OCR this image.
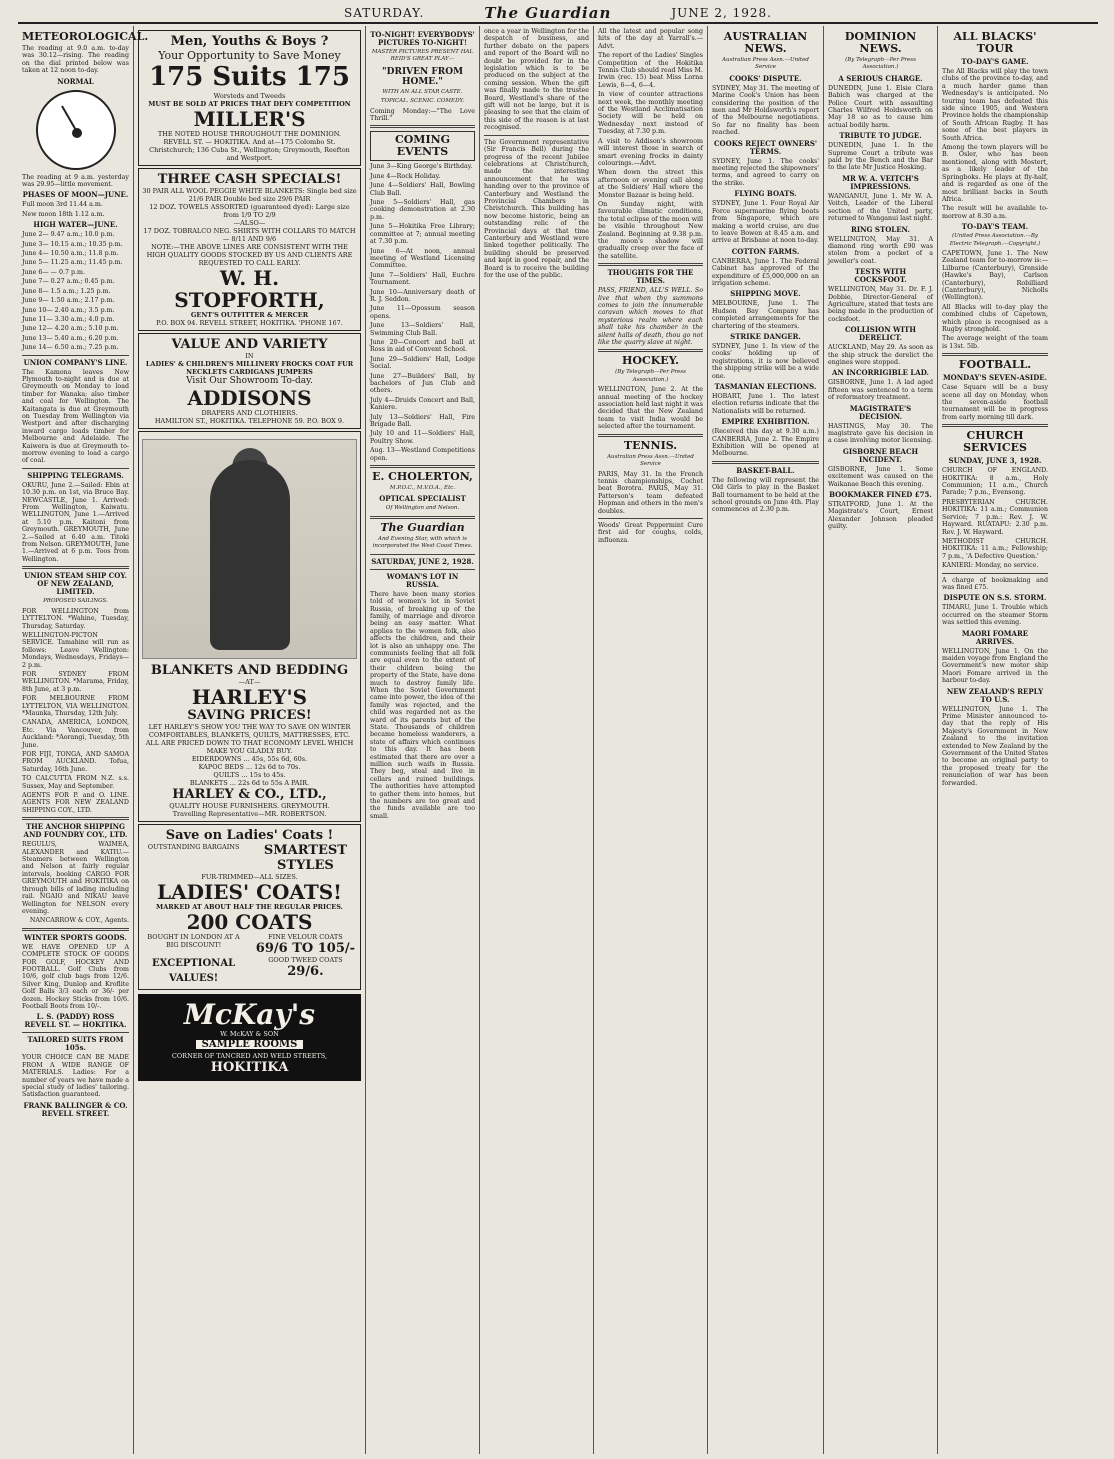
SATURDAY.	The Guardian	JUNE 2, 1928.
METEOROLOGICAL.

The reading at 9.0 a.m. to-day was 30.12—rising. The reading on the dial printed below was taken at 12 noon to-day.

NORMAL

The reading at 9 a.m. yesterday was 29.95—little movement.

PHASES OF MOON—JUNE.

Full moon 3rd 11.44 a.m.

New moon 18th 1.12 a.m.

HIGH WATER—JUNE.

June 2— 9.47 a.m.; 10.0 p.m.

June 3— 10.15 a.m.; 10.35 p.m.

June 4— 10.50 a.m.; 11.8 p.m.

June 5— 11.25 a.m.; 11.45 p.m.

June 6— — 0.7 p.m.

June 7— 0.27 a.m.; 0.45 p.m.

June 8— 1.5 a.m.; 1.25 p.m.

June 9— 1.50 a.m.; 2.17 p.m.

June 10— 2.40 a.m.; 3.5 p.m.

June 11— 3.30 a.m.; 4.0 p.m.

June 12— 4.20 a.m.; 5.10 p.m.

June 13— 5.40 a.m.; 6.20 p.m.

June 14— 6.50 a.m.; 7.25 p.m.

UNION COMPANY'S LINE.

The Kamona leaves New Plymouth to-night and is due at Greymouth on Monday to load timber for Wanaka; also timber and coal for Wellington. The Kaitangata is due at Greymouth on Tuesday from Wellington via Westport and after discharging inward cargo loads timber for Melbourne and Adelaide. The Kaiwera is due at Greymouth to-morrow evening to load a cargo of coal.

SHIPPING TELEGRAMS.

OKURU, June 2.—Sailed: Ebin at 10.30 p.m. on 1st, via Bruce Bay. NEWCASTLE, June 1. Arrived: From Wellington, Kaiwatu. WELLINGTON, June 1.—Arrived at 5.10 p.m. Kaitoni from Greymouth. GREYMOUTH, June 2.—Sailed at 6.40 a.m. Titoki from Nelson. GREYMOUTH, June 1.—Arrived at 6 p.m. Toos from Wellington.

UNION STEAM SHIP COY. OF NEW ZEALAND, LIMITED.
PROPOSED SAILINGS.

FOR WELLINGTON from LYTTELTON. *Wahine, Tuesday, Thursday, Saturday.

WELLINGTON-PICTON SERVICE. Tamahine will run as follows: Leave Wellington: Mondays, Wednesdays, Fridays—2 p.m.

FOR SYDNEY FROM WELLINGTON. *Marama, Friday, 8th June, at 3 p.m.

FOR MELBOURNE FROM LYTTELTON, VIA WELLINGTON. *Maunka, Thursday, 12th July.

CANADA, AMERICA, LONDON, Etc. Via Vancouver, from Auckland: *Aorangi, Tuesday, 5th June.

FOR FIJI, TONGA, AND SAMOA FROM AUCKLAND. Tofua, Saturday, 16th June.

TO CALCUTTA FROM N.Z. s.s. Sussex, May and September.

AGENTS FOR P. and O. LINE. AGENTS FOR NEW ZEALAND SHIPPING COY., LTD.

THE ANCHOR SHIPPING AND FOUNDRY COY., LTD.

REGULUS, WAIMEA, ALEXANDER and KATIU.—Steamers between Wellington and Nelson at fairly regular intervals, booking CARGO FOR GREYMOUTH and HOKITIKA on through bills of lading including rail. NGAIO and NIKAU leave Wellington for NELSON every evening.

NANCARROW & COY., Agents.

WINTER SPORTS GOODS.

WE HAVE OPENED UP A COMPLETE STOCK OF GOODS FOR GOLF, HOCKEY AND FOOTBALL. Golf Clubs from 10/6, golf club bags from 12/6. Silver King, Dunlop and Kroflite Golf Balls 3/3 each or 36/- per dozen. Hockey Sticks from 10/6. Football Boots from 10/-.

L. S. (PADDY) ROSS REVELL ST. — HOKITIKA.
TAILORED SUITS FROM 105s.

YOUR CHOICE CAN BE MADE FROM A WIDE RANGE OF MATERIALS. Ladies: For a number of years we have made a special study of ladies' tailoring. Satisfaction guaranteed.

FRANK BALLINGER & CO. REVELL STREET.
Men, Youths & Boys ?
Your Opportunity to Save Money
175 Suits 175
Worsteds and Tweeds
MUST BE SOLD AT PRICES THAT DEFY COMPETITION
MILLER'S
THE NOTED HOUSE THROUGHOUT THE DOMINION.
REVELL ST. — HOKITIKA. And at—175 Colombo St. Christchurch; 136 Cuba St., Wellington; Greymouth, Reefton and Westport.
THREE CASH SPECIALS!
30 PAIR ALL WOOL PEGGIE WHITE BLANKETS: Single bed size 21/6 PAIR Double bed size 29/6 PAIR
12 DOZ. TOWELS ASSORTED (guaranteed dyed): Large size from 1/9 TO 2/9
—ALSO—
17 DOZ. TOBRALCO NEG. SHIRTS WITH COLLARS TO MATCH— 8/11 AND 9/6
NOTE:—THE ABOVE LINES ARE CONSISTENT WITH THE HIGH QUALITY GOODS STOCKED BY US AND CLIENTS ARE REQUESTED TO CALL EARLY.
W. H. STOPFORTH,
GENT'S OUTFITTER & MERCER
P.O. BOX 94. REVELL STREET, HOKITIKA. 'PHONE 167.
VALUE AND VARIETY
IN
LADIES' & CHILDREN'S MILLINERY FROCKS COAT FUR NECKLETS CARDIGANS JUMPERS
Visit Our Showroom To-day.
ADDISONS
DRAPERS AND CLOTHIERS.
HAMILTON ST., HOKITIKA. TELEPHONE 59. P.O. BOX 9.
BLANKETS AND BEDDING
—AT—
HARLEY'S
SAVING PRICES!
LET HARLEY'S SHOW YOU THE WAY TO SAVE ON WINTER COMFORTABLES, BLANKETS, QUILTS, MATTRESSES, ETC. ALL ARE PRICED DOWN TO THAT ECONOMY LEVEL WHICH MAKE YOU GLADLY BUY.
EIDERDOWNS ... 45s, 55s 6d, 60s.
KAPOC BEDS ... 12s 6d to 70s.
QUILTS ... 15s to 45s.
BLANKETS ... 22s 6d to 55s A PAIR.
HARLEY & CO., LTD.,
QUALITY HOUSE FURNISHERS. GREYMOUTH.
Travelling Representative—MR. ROBERTSON.
Save on Ladies' Coats !
OUTSTANDING BARGAINS	SMARTEST STYLES
FUR-TRIMMED—ALL SIZES.
LADIES' COATS!
MARKED AT ABOUT HALF THE REGULAR PRICES.
200 COATS
BOUGHT IN LONDON AT A BIG DISCOUNT!
FINE VELOUR COATS
69/6 TO 105/-
EXCEPTIONAL VALUES!
GOOD TWEED COATS
29/6.
McKay's
W. McKAY & SON
SAMPLE ROOMS
CORNER OF TANCRED AND WELD STREETS,
HOKITIKA
TO-NIGHT! EVERYBODYS' PICTURES TO-NIGHT!
MASTER PICTURES PRESENT HAL REID'S GREAT PLAY—
"DRIVEN FROM HOME."
WITH AN ALL STAR CASTE.
TOPICAL. SCENIC. COMEDY.

Coming Monday:—"The Love Thrill."

COMING EVENTS

June 3—King George's Birthday.

June 4—Rock Holiday.

June 4—Soldiers' Hall, Bowling Club Ball.

June 5—Soldiers' Hall, gas cooking demonstration at 2.30 p.m.

June 5—Hokitika Free Library; committee at 7; annual meeting at 7.30 p.m.

June 6—At noon, annual meeting of Westland Licensing Committee.

June 7—Soldiers' Hall, Euchre Tournament.

June 10—Anniversary death of R. J. Seddon.

June 11—Opossum season opens.

June 13—Soldiers' Hall, Swimming Club Ball.

June 20—Concert and ball at Ross in aid of Convent School.

June 29—Soldiers' Hall, Lodge Social.

June 27—Builders' Ball, by bachelors of Jun Club and others.

July 4—Druids Concert and Ball, Kaniere.

July 13—Soldiers' Hall, Fire Brigade Ball.

July 10 and 11—Soldiers' Hall, Poultry Show.

Aug. 13—Westland Competitions open.

E. CHOLERTON,
M.P.O.C., M.V.O.A., Etc.
OPTICAL SPECIALIST
Of Wellington and Nelson.
The Guardian
And Evening Star, with which is incorporated the West Coast Times.
SATURDAY, JUNE 2, 1928.
WOMAN'S LOT IN RUSSIA.

There have been many stories told of women's lot in Soviet Russia, of breaking up of the family, of marriage and divorce being an easy matter. What applies to the women folk, also affects the children, and their lot is also an unhappy one. The communists feeling that all folk are equal even to the extent of their children being the property of the State, have done much to destroy family life. When the Soviet Government came into power, the idea of the family was rejected, and the child was regarded not as the ward of its parents but of the State. Thousands of children became homeless wanderers, a state of affairs which continues to this day. It has been estimated that there are over a million such waifs in Russia. They beg, steal and live in cellars and ruined buildings. The authorities have attempted to gather them into homes, but the numbers are too great and the funds available are too small.

once a year in Wellington for the despatch of business, and further debate on the papers and report of the Board will no doubt be provided for in the legislation which is to be produced on the subject at the coming session. When the gift was finally made to the trustee Board, Westland's share of the gift will not be large, but it is pleasing to see that the claim of this side of the reason is at last recognised.

The Government representative (Sir Francis Bell) during the progress of the recent Jubilee celebrations at Christchurch, made the interesting announcement that he was handing over to the province of Canterbury and Westland the Provincial Chambers in Christchurch. This building has now become historic, being an outstanding relic of the Provincial days at that time Canterbury and Westland were linked together politically. The building should be preserved and kept in good repair, and the Board is to receive the building for the use of the public.

All the latest and popular song hits of the day at Yarrall's.—Advt.

The report of the Ladies' Singles Competition of the Hokitika Tennis Club should read Miss M. Irwin (rec. 15) beat Miss Lorna Lewis, 6—4, 6—4.

In view of counter attractions next week, the monthly meeting of the Westland Acclimatisation Society will be held on Wednesday next instead of Tuesday, at 7.30 p.m.

A visit to Addison's showroom will interest those in search of smart evening frocks in dainty colourings.—Advt.

When down the street this afternoon or evening call along at the Soldiers' Hall where the Monster Bazaar is being held.

On Sunday night, with favourable climatic conditions, the total eclipse of the moon will be visible throughout New Zealand. Beginning at 9.38 p.m. the moon's shadow will gradually creep over the face of the satellite.

THOUGHTS FOR THE TIMES.

PASS, FRIEND, ALL'S WELL. So live that when thy summons comes to join the innumerable caravan which moves to that mysterious realm where each shall take his chamber in the silent halls of death, thou go not like the quarry slave at night.

HOCKEY.
(By Telegraph—Per Press Association.)

WELLINGTON, June 2. At the annual meeting of the hockey association held last night it was decided that the New Zealand team to visit India would be selected after the tournament.

TENNIS.
Australian Press Assn.—United Service

PARIS, May 31. In the French tennis championships, Cochet beat Borotra. PARIS, May 31. Patterson's team defeated Hopman and others in the men's doubles.

Woods' Great Peppermint Cure first aid for coughs, colds, influenza.

AUSTRALIAN NEWS.
Australian Press Assn.—United Service
COOKS' DISPUTE.

SYDNEY, May 31. The meeting of Marine Cook's Union has been considering the position of the men and Mr Holdsworth's report of the Melbourne negotiations. So far no finality has been reached.

COOKS REJECT OWNERS' TERMS.

SYDNEY, June 1. The cooks' meeting rejected the shipowners' terms, and agreed to carry on the strike.

FLYING BOATS.

SYDNEY, June 1. Four Royal Air Force supermarine flying boats from Singapore, which are making a world cruise, are due to leave Bowen at 8.45 a.m. and arrive at Brisbane at noon to-day.

COTTON FARMS.

CANBERRA, June 1. The Federal Cabinet has approved of the expenditure of £5,000,000 on an irrigation scheme.

SHIPPING MOVE.

MELBOURNE, June 1. The Hudson Bay Company has completed arrangements for the chartering of the steamers.

STRIKE DANGER.

SYDNEY, June 1. In view of the cooks' holding up of registrations, it is now believed the shipping strike will be a wide one.

TASMANIAN ELECTIONS.

HOBART, June 1. The latest election returns indicate that the Nationalists will be returned.

EMPIRE EXHIBITION.

(Received this day at 9.30 a.m.) CANBERRA, June 2. The Empire Exhibition will be opened at Melbourne.

BASKET-BALL.

The following will represent the Old Girls to play in the Basket Ball tournament to be held at the school grounds on June 4th. Play commences at 2.30 p.m.

DOMINION NEWS.
(By Telegraph—Per Press Association.)
A SERIOUS CHARGE.

DUNEDIN, June 1. Elsie Clara Babich was charged at the Police Court with assaulting Charles Wilfred Holdsworth on May 18 so as to cause him actual bodily harm.

TRIBUTE TO JUDGE.

DUNEDIN, June 1. In the Supreme Court a tribute was paid by the Bench and the Bar to the late Mr Justice Hosking.

MR W. A. VEITCH'S IMPRESSIONS.

WANGANUI, June 1. Mr W. A. Veitch, Leader of the Liberal section of the United party, returned to Wanganui last night.

RING STOLEN.

WELLINGTON, May 31. A diamond ring worth £90 was stolen from a pocket of a jeweller's coat.

TESTS WITH COCKSFOOT.

WELLINGTON, May 31. Dr. F. J. Dobbie, Director-General of Agriculture, stated that tests are being made in the production of cocksfoot.

COLLISION WITH DERELICT.

AUCKLAND, May 29. As soon as the ship struck the derelict the engines were stopped.

AN INCORRIGIBLE LAD.

GISBORNE, June 1. A lad aged fifteen was sentenced to a term of reformatory treatment.

MAGISTRATE'S DECISION.

HASTINGS, May 30. The magistrate gave his decision in a case involving motor licensing.

GISBORNE BEACH INCIDENT.

GISBORNE, June 1. Some excitement was caused on the Waikanae Beach this evening.

BOOKMAKER FINED £75.

STRATFORD, June 1. At the Magistrate's Court, Ernest Alexander Johnson pleaded guilty.

ALL BLACKS' TOUR
TO-DAY'S GAME.

The All Blacks will play the town clubs of the province to-day, and a much harder game than Wednesday's is anticipated. No touring team has defeated this side since 1905, and Western Province holds the championship of South African Rugby. It has some of the best players in South Africa.

Among the town players will be B. Osler, who has been mentioned, along with Mostert, as a likely leader of the Springboks. He plays at fly-half, and is regarded as one of the most brilliant backs in South Africa.

The result will be available to-morrow at 8.30 a.m.

TO-DAY'S TEAM.
(United Press Association.—By Electric Telegraph.—Copyright.)

CAPETOWN, June 1. The New Zealand team for to-morrow is:—Lilburne (Canterbury), Grenside (Hawke's Bay), Carlson (Canterbury), Robilliard (Canterbury), Nicholls (Wellington).

All Blacks will to-day play the combined clubs of Capetown, which place is recognised as a Rugby stronghold.

The average weight of the team is 13st. 5lb.

FOOTBALL.
MONDAY'S SEVEN-ASIDE.

Case Square will be a busy scene all day on Monday, when the seven-aside football tournament will be in progress from early morning till dark.

CHURCH SERVICES
SUNDAY, JUNE 3, 1928.

CHURCH OF ENGLAND. HOKITIKA: 8 a.m., Holy Communion; 11 a.m., Church Parade; 7 p.m., Evensong.

PRESBYTERIAN CHURCH. HOKITIKA: 11 a.m.; Communion Service; 7 p.m.: Rev. J. W. Hayward. RUATAPU: 2.30 p.m. Rev. J. W. Hayward.

METHODIST CHURCH. HOKITIKA: 11 a.m.; Fellowship; 7 p.m., 'A Defective Question.'

KANIERI: Monday, no service.

A charge of bookmaking and was fined £75.

DISPUTE ON S.S. STORM.

TIMARU, June 1. Trouble which occurred on the steamer Storm was settled this evening.

MAORI FOMARE ARRIVES.

WELLINGTON, June 1. On the maiden voyage from England the Government's new motor ship Maori Fomare arrived in the harbour to-day.

NEW ZEALAND'S REPLY TO U.S.

WELLINGTON, June 1. The Prime Minister announced to-day that the reply of His Majesty's Government in New Zealand to the invitation extended to New Zealand by the Government of the United States to become an original party to the proposed treaty for the renunciation of war has been forwarded.
